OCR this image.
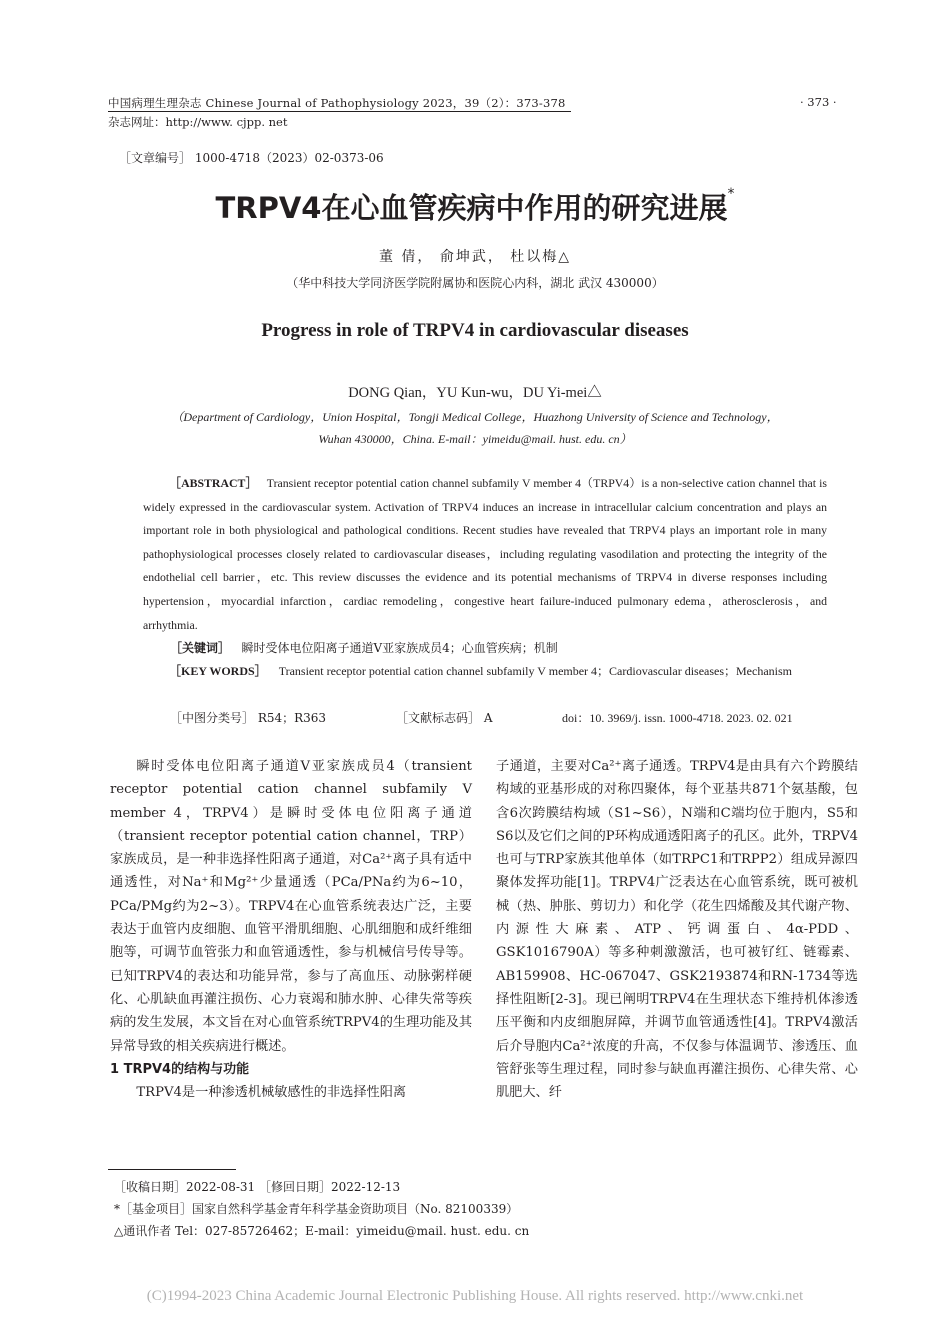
中国病理生理杂志 Chinese Journal of Pathophysiology 2023，39（2）：373-378
杂志网址：http://www. cjpp. net
· 373 ·
［文章编号］ 1000-4718（2023）02-0373-06
TRPV4在心血管疾病中作用的研究进展*
董 倩， 俞坤武， 杜以梅△
（华中科技大学同济医学院附属协和医院心内科，湖北 武汉 430000）
Progress in role of TRPV4 in cardiovascular diseases
DONG Qian，YU Kun-wu，DU Yi-mei△
（Department of Cardiology，Union Hospital，Tongji Medical College，Huazhong University of Science and Technology，
Wuhan 430000，China. E-mail：yimeidu@mail. hust. edu. cn）
［ABSTRACT］ Transient receptor potential cation channel subfamily V member 4（TRPV4）is a non-selective cation channel that is widely expressed in the cardiovascular system. Activation of TRPV4 induces an increase in intracellular calcium concentration and plays an important role in both physiological and pathological conditions. Recent studies have revealed that TRPV4 plays an important role in many pathophysiological processes closely related to cardiovascular diseases，including regulating vasodilation and protecting the integrity of the endothelial cell barrier，etc. This review discusses the evidence and its potential mechanisms of TRPV4 in diverse responses including hypertension，myocardial infarction，cardiac remodeling，congestive heart failure-induced pulmonary edema，atherosclerosis，and arrhythmia.
［关键词］ 瞬时受体电位阳离子通道Ⅴ亚家族成员4；心血管疾病；机制
［KEY WORDS］ Transient receptor potential cation channel subfamily V member 4；Cardiovascular diseases；Mechanism
［中图分类号］ R54；R363	［文献标志码］ A	doi：10. 3969/j. issn. 1000-4718. 2023. 02. 021

瞬时受体电位阳离子通道Ⅴ亚家族成员4（transient receptor potential cation channel subfamily V member 4，TRPV4）是瞬时受体电位阳离子通道（transient receptor potential cation channel，TRP）家族成员，是一种非选择性阳离子通道，对Ca²⁺离子具有适中通透性，对Na⁺和Mg²⁺少量通透（PCa/PNa约为6~10，PCa/PMg约为2~3）。TRPV4在心血管系统表达广泛，主要表达于血管内皮细胞、血管平滑肌细胞、心肌细胞和成纤维细胞等，可调节血管张力和血管通透性，参与机械信号传导等。已知TRPV4的表达和功能异常，参与了高血压、动脉粥样硬化、心肌缺血再灌注损伤、心力衰竭和肺水肿、心律失常等疾病的发生发展，本文旨在对心血管系统TRPV4的生理功能及其异常导致的相关疾病进行概述。

1 TRPV4的结构与功能

TRPV4是一种渗透机械敏感性的非选择性阳离

子通道，主要对Ca²⁺离子通透。TRPV4是由具有六个跨膜结构域的亚基形成的对称四聚体，每个亚基共871个氨基酸，包含6次跨膜结构域（S1~S6），N端和C端均位于胞内，S5和S6以及它们之间的P环构成通透阳离子的孔区。此外，TRPV4也可与TRP家族其他单体（如TRPC1和TRPP2）组成异源四聚体发挥功能[1]。TRPV4广泛表达在心血管系统，既可被机械（热、肿胀、剪切力）和化学（花生四烯酸及其代谢产物、内源性大麻素、ATP、钙调蛋白、4α-PDD、GSK1016790A）等多种刺激激活，也可被钌红、链霉素、AB159908、HC-067047、GSK2193874和RN-1734等选择性阻断[2-3]。现已阐明TRPV4在生理状态下维持机体渗透压平衡和内皮细胞屏障，并调节血管通透性[4]。TRPV4激活后介导胞内Ca²⁺浓度的升高，不仅参与体温调节、渗透压、血管舒张等生理过程，同时参与缺血再灌注损伤、心律失常、心肌肥大、纤

［收稿日期］2022-08-31 ［修回日期］2022-12-13
*［基金项目］国家自然科学基金青年科学基金资助项目（No. 82100339）
△通讯作者 Tel：027-85726462；E-mail：yimeidu@mail. hust. edu. cn
(C)1994-2023 China Academic Journal Electronic Publishing House. All rights reserved. http://www.cnki.net
